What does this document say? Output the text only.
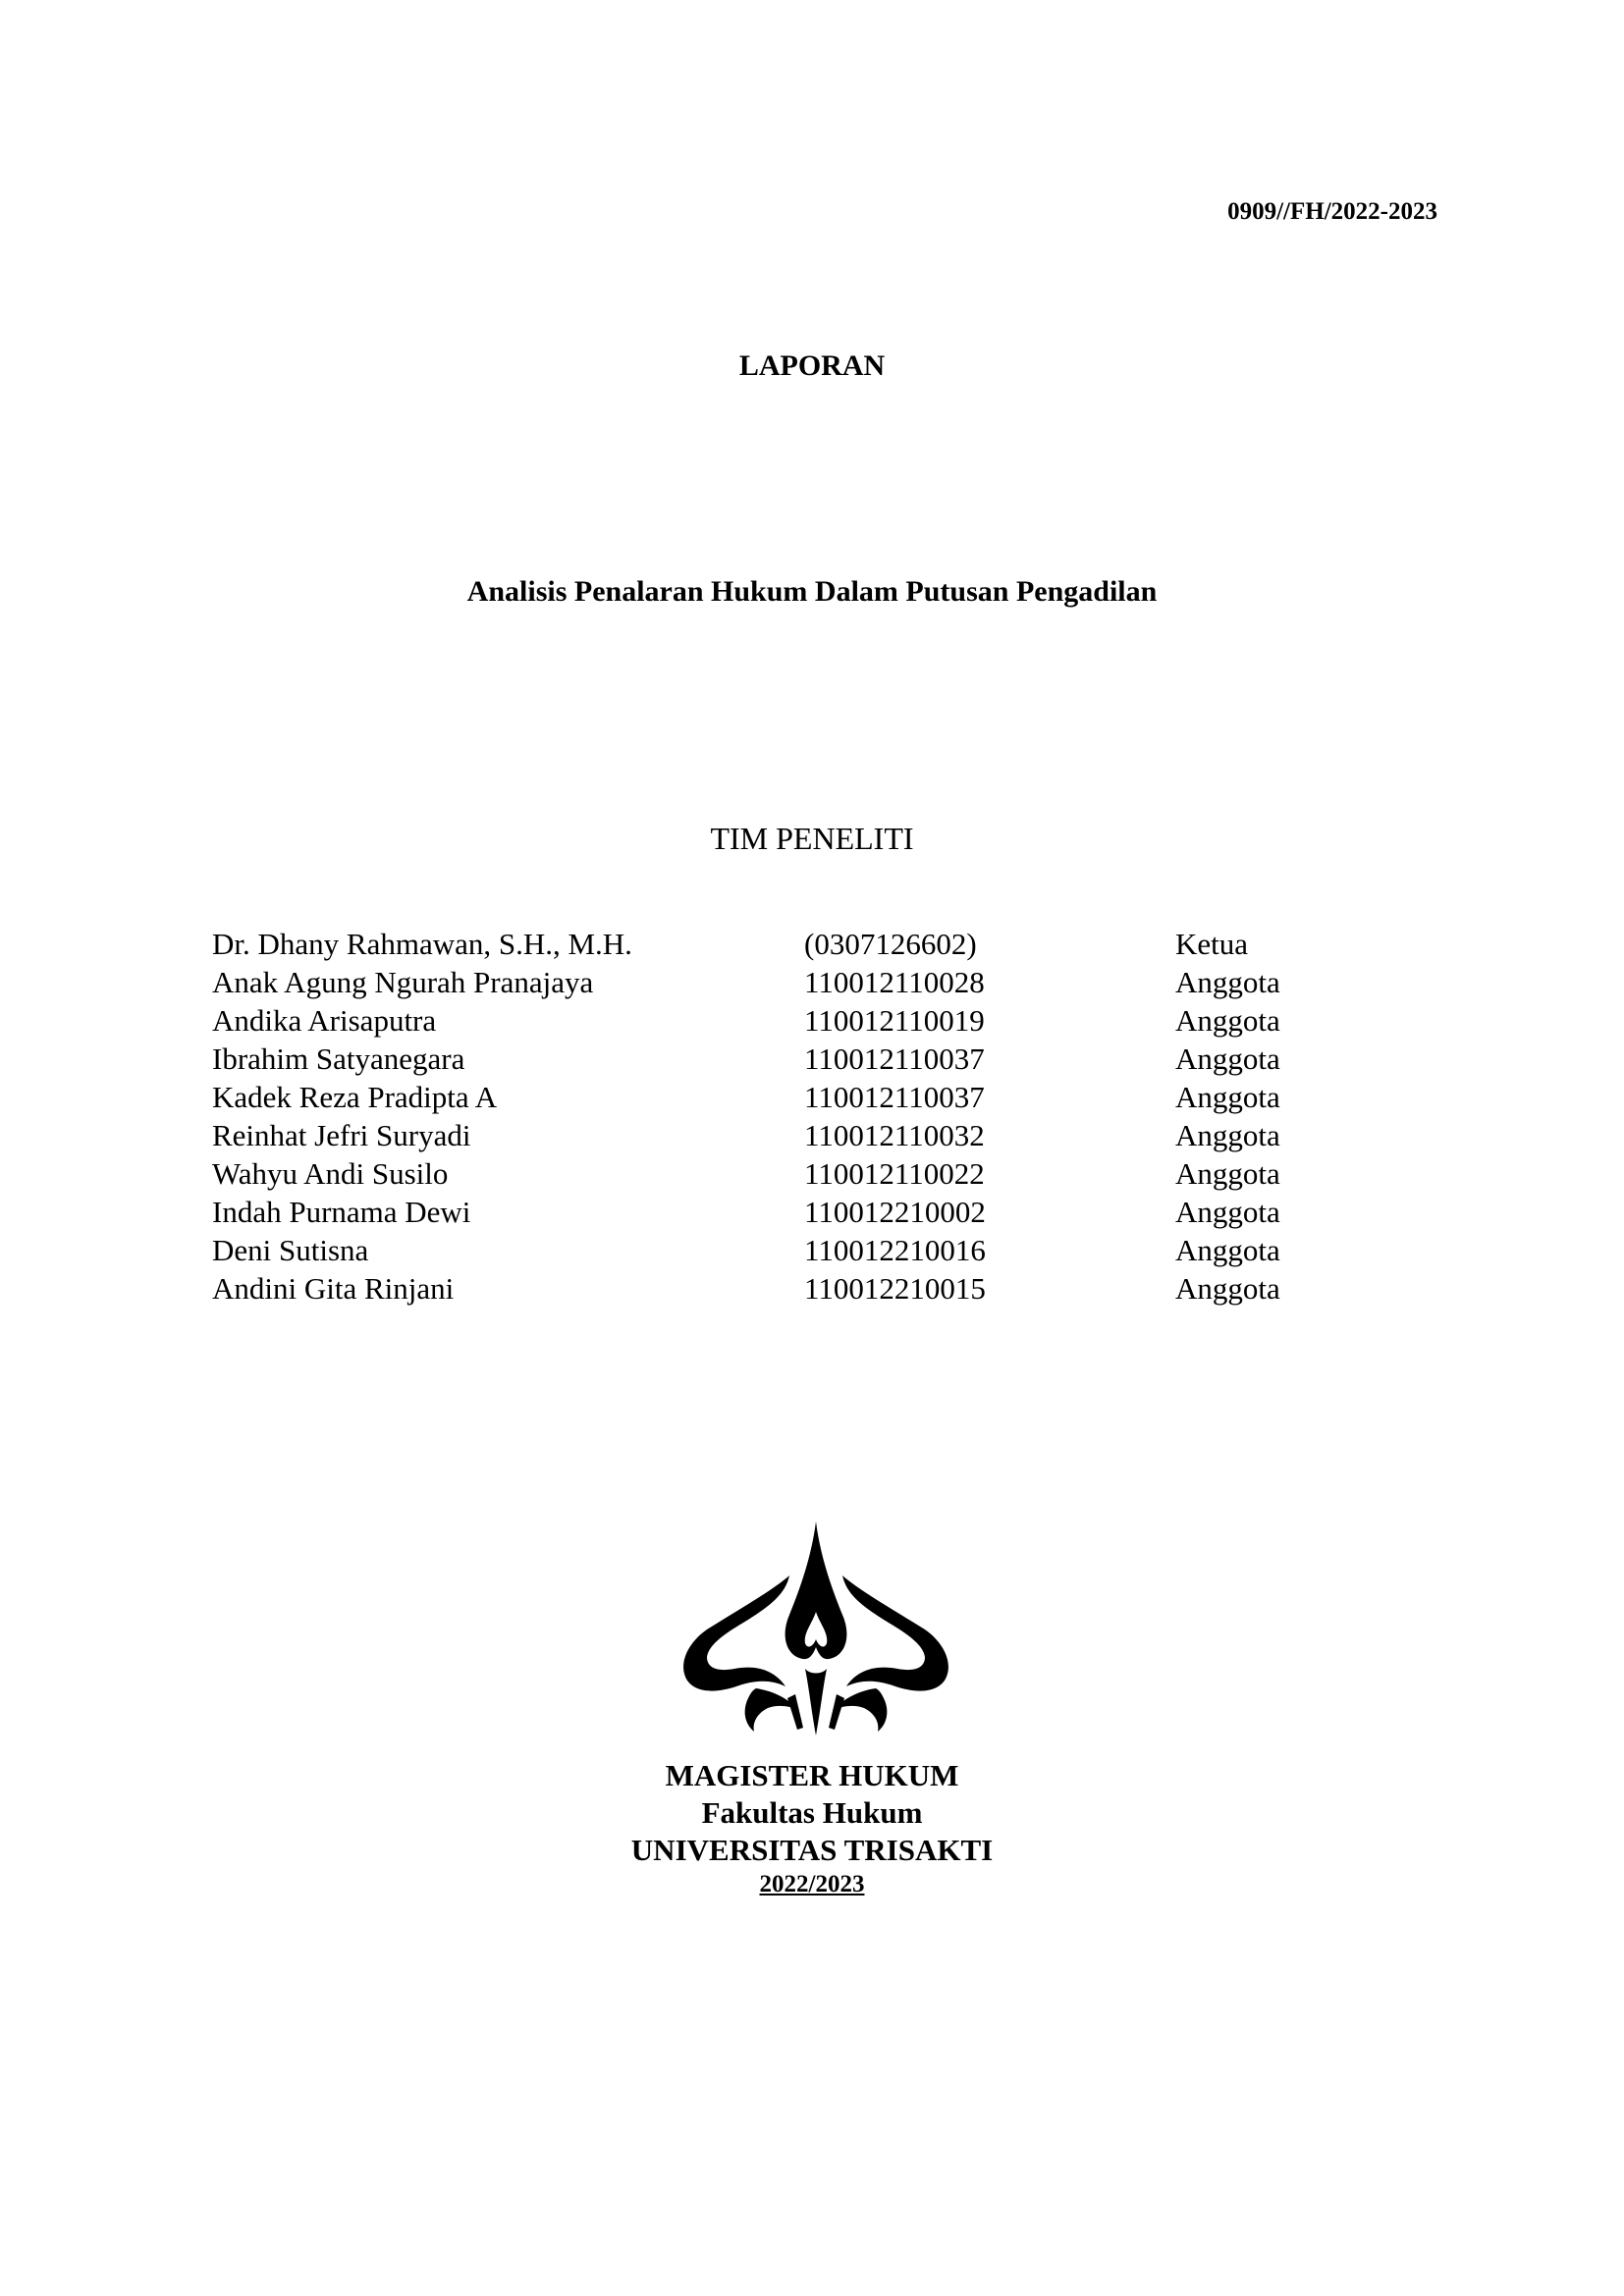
0909//FH/2022-2023
LAPORAN
Analisis Penalaran Hukum Dalam Putusan Pengadilan
TIM PENELITI
Dr. Dhany Rahmawan, S.H., M.H.	(0307126602)	Ketua
Anak Agung Ngurah Pranajaya	110012110028	Anggota
Andika Arisaputra	110012110019	Anggota
Ibrahim Satyanegara	110012110037	Anggota
Kadek Reza Pradipta A	110012110037	Anggota
Reinhat Jefri Suryadi	110012110032	Anggota
Wahyu Andi Susilo	110012110022	Anggota
Indah Purnama Dewi	110012210002	Anggota
Deni Sutisna	110012210016	Anggota
Andini Gita Rinjani	110012210015	Anggota
MAGISTER HUKUM
Fakultas Hukum
UNIVERSITAS TRISAKTI
2022/2023
